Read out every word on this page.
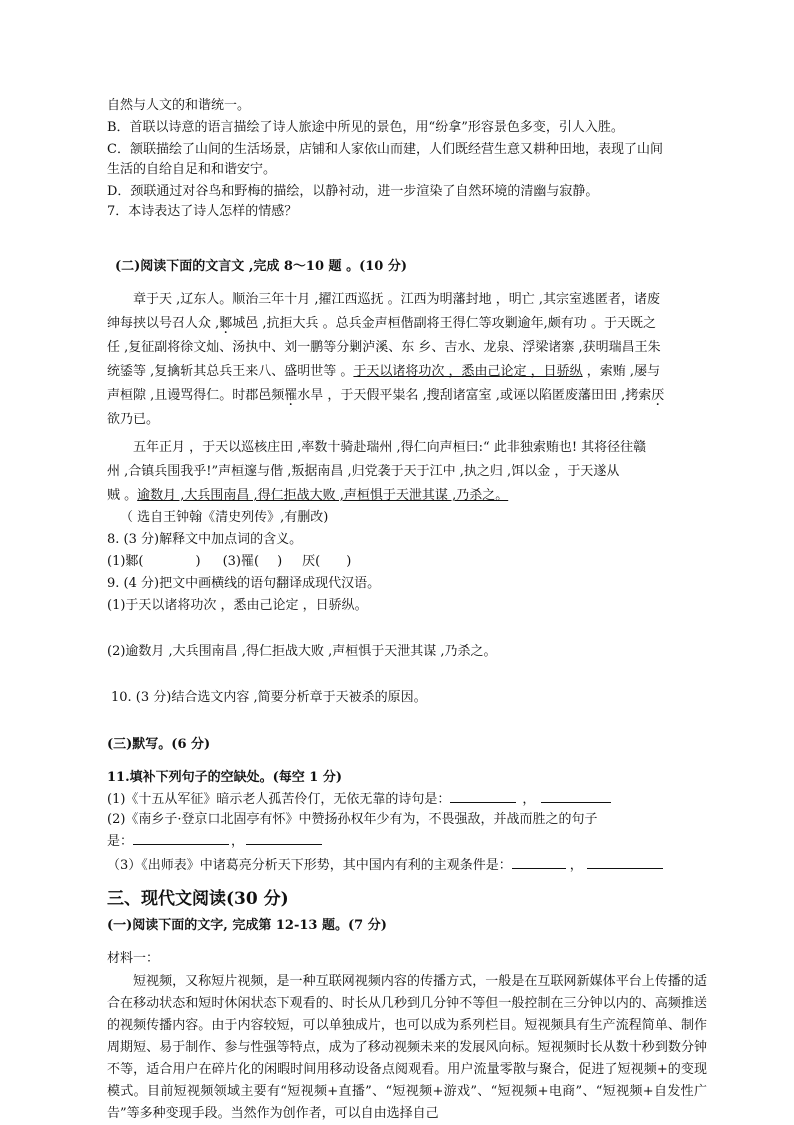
自然与人文的和谐统一。

B．首联以诗意的语言描绘了诗人旅途中所见的景色，用“纷拿”形容景色多变，引人入胜。

C．颔联描绘了山间的生活场景，店铺和人家依山而建，人们既经营生意又耕种田地，表现了山间

生活的自给自足和和谐安宁。

D．颈联通过对谷鸟和野梅的描绘，以静衬动，进一步渲染了自然环境的清幽与寂静。

7．本诗表达了诗人怎样的情感？

(二)阅读下面的文言文 ,完成 8～10 题 。(10 分)

章于天 ,辽东人。顺治三年十月 ,擢江西巡抚 。江西为明藩封地 ，明亡 ,其宗室逃匿者，诸废

绅每挟以号召人众 ,鄹城邑 ,抗拒大兵 。总兵金声桓偕副将王得仁等攻剿逾年,颇有功 。于天既之

任 ,复征副将徐文灿、汤执中、刘一鹏等分剿泸溪、东 乡、吉水、龙泉、浮梁诸寨 ,获明瑞昌王朱

统鋈等 ,复擒斩其总兵王来八、盛明世等 。于天以诸将功次 ，悉由己论定 ，日骄纵 ，索贿 ,屡与

声桓隙 ,且谩骂得仁。时郡邑频罹水旱 ，于天假平粜名 ,搜刮诸富室 ,或诬以陷匿废藩田田 ,拷索厌

欲乃已。

五年正月 ，于天以巡核庄田 ,率数十骑赴瑞州 ,得仁向声桓曰:“ 此非独索贿也! 其将径往赣

州 ,合镇兵围我乎!”声桓邃与偕 ,叛据南昌 ,归党袭于天于江中 ,执之归 ,饵以金 ，于天遂从

贼 。逾数月 ,大兵围南昌 ,得仁拒战大败 ,声桓惧于天泄其谋 ,乃杀之。

（ 选自王钟翰《清史列传》,有删改)

8. (3 分)解释文中加点词的含义。

(1)鄹(	) (3)罹( ) 厌( )

9. (4 分)把文中画横线的语句翻译成现代汉语。

(1)于天以诸将功次 ，悉由己论定 ，日骄纵。

(2)逾数月 ,大兵围南昌 ,得仁拒战大败 ,声桓惧于天泄其谋 ,乃杀之。

10. (3 分)结合选文内容 ,简要分析章于天被杀的原因。

(三)默写。(6 分)

11.填补下列句子的空缺处。(每空 1 分)

(1)《十五从军征》暗示老人孤苦伶仃，无依无靠的诗句是：	，

(2)《南乡子·登京口北固亭有怀》中赞扬孙权年少有为，不畏强敌，并战而胜之的句子

是：	，

（3）《出师表》中诸葛亮分析天下形势，其中国内有利的主观条件是：	，

三、现代文阅读(30 分)

(一)阅读下面的文字, 完成第 12-13 题。(7 分)

材料一：

短视频，又称短片视频，是一种互联网视频内容的传播方式，一般是在互联网新媒体平台上传播的适合在移动状态和短时休闲状态下观看的、时长从几秒到几分钟不等但一般控制在三分钟以内的、高频推送的视频传播内容。由于内容较短，可以单独成片，也可以成为系列栏目。短视频具有生产流程简单、制作周期短、易于制作、参与性强等特点，成为了移动视频未来的发展风向标。短视频时长从数十秒到数分钟不等，适合用户在碎片化的闲暇时间用移动设备点阅观看。用户流量零散与聚合，促进了短视频+的变现模式。目前短视频领域主要有“短视频+直播”、“短视频+游戏”、“短视频+电商”、“短视频+自发性广告”等多种变现手段。当然作为创作者，可以自由选择自己
